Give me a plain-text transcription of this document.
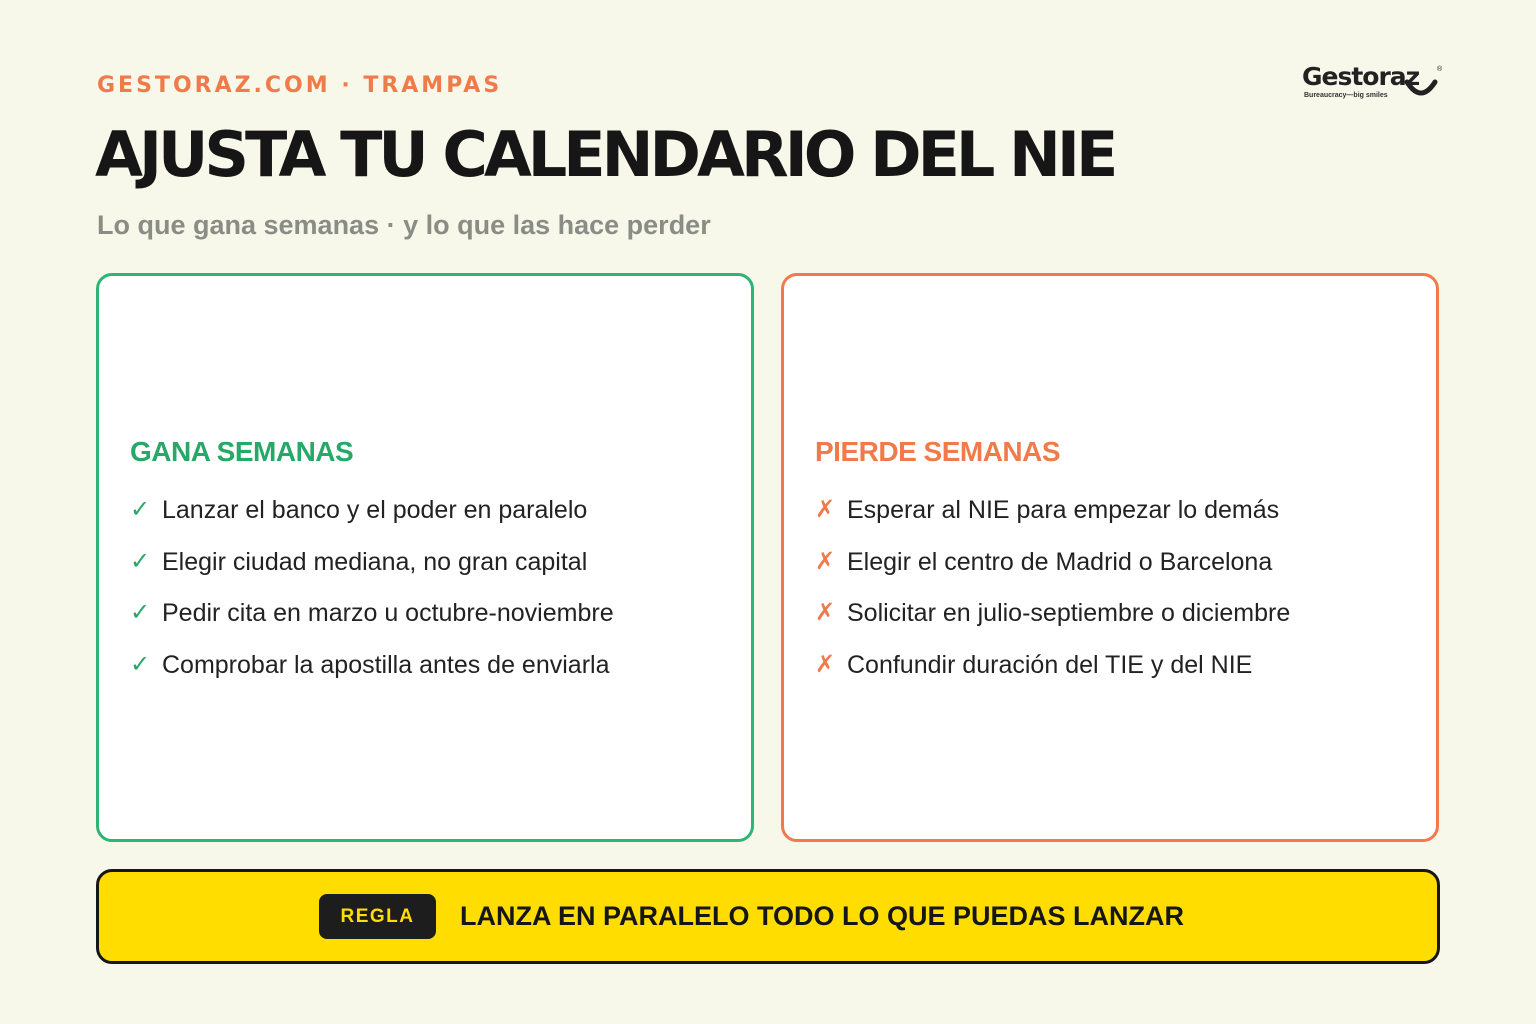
GESTORAZ.COM · TRAMPAS	Gestoraz	®
Bureaucracy—big smiles
AJUSTA TU CALENDARIO DEL NIE
Lo que gana semanas · y lo que las hace perder
GANA SEMANAS
✓ Lanzar el banco y el poder en paralelo
✓ Elegir ciudad mediana, no gran capital
✓ Pedir cita en marzo u octubre-noviembre
✓ Comprobar la apostilla antes de enviarla
PIERDE SEMANAS
✗ Esperar al NIE para empezar lo demás
✗ Elegir el centro de Madrid o Barcelona
✗ Solicitar en julio-septiembre o diciembre
✗ Confundir duración del TIE y del NIE
REGLA	LANZA EN PARALELO TODO LO QUE PUEDAS LANZAR
